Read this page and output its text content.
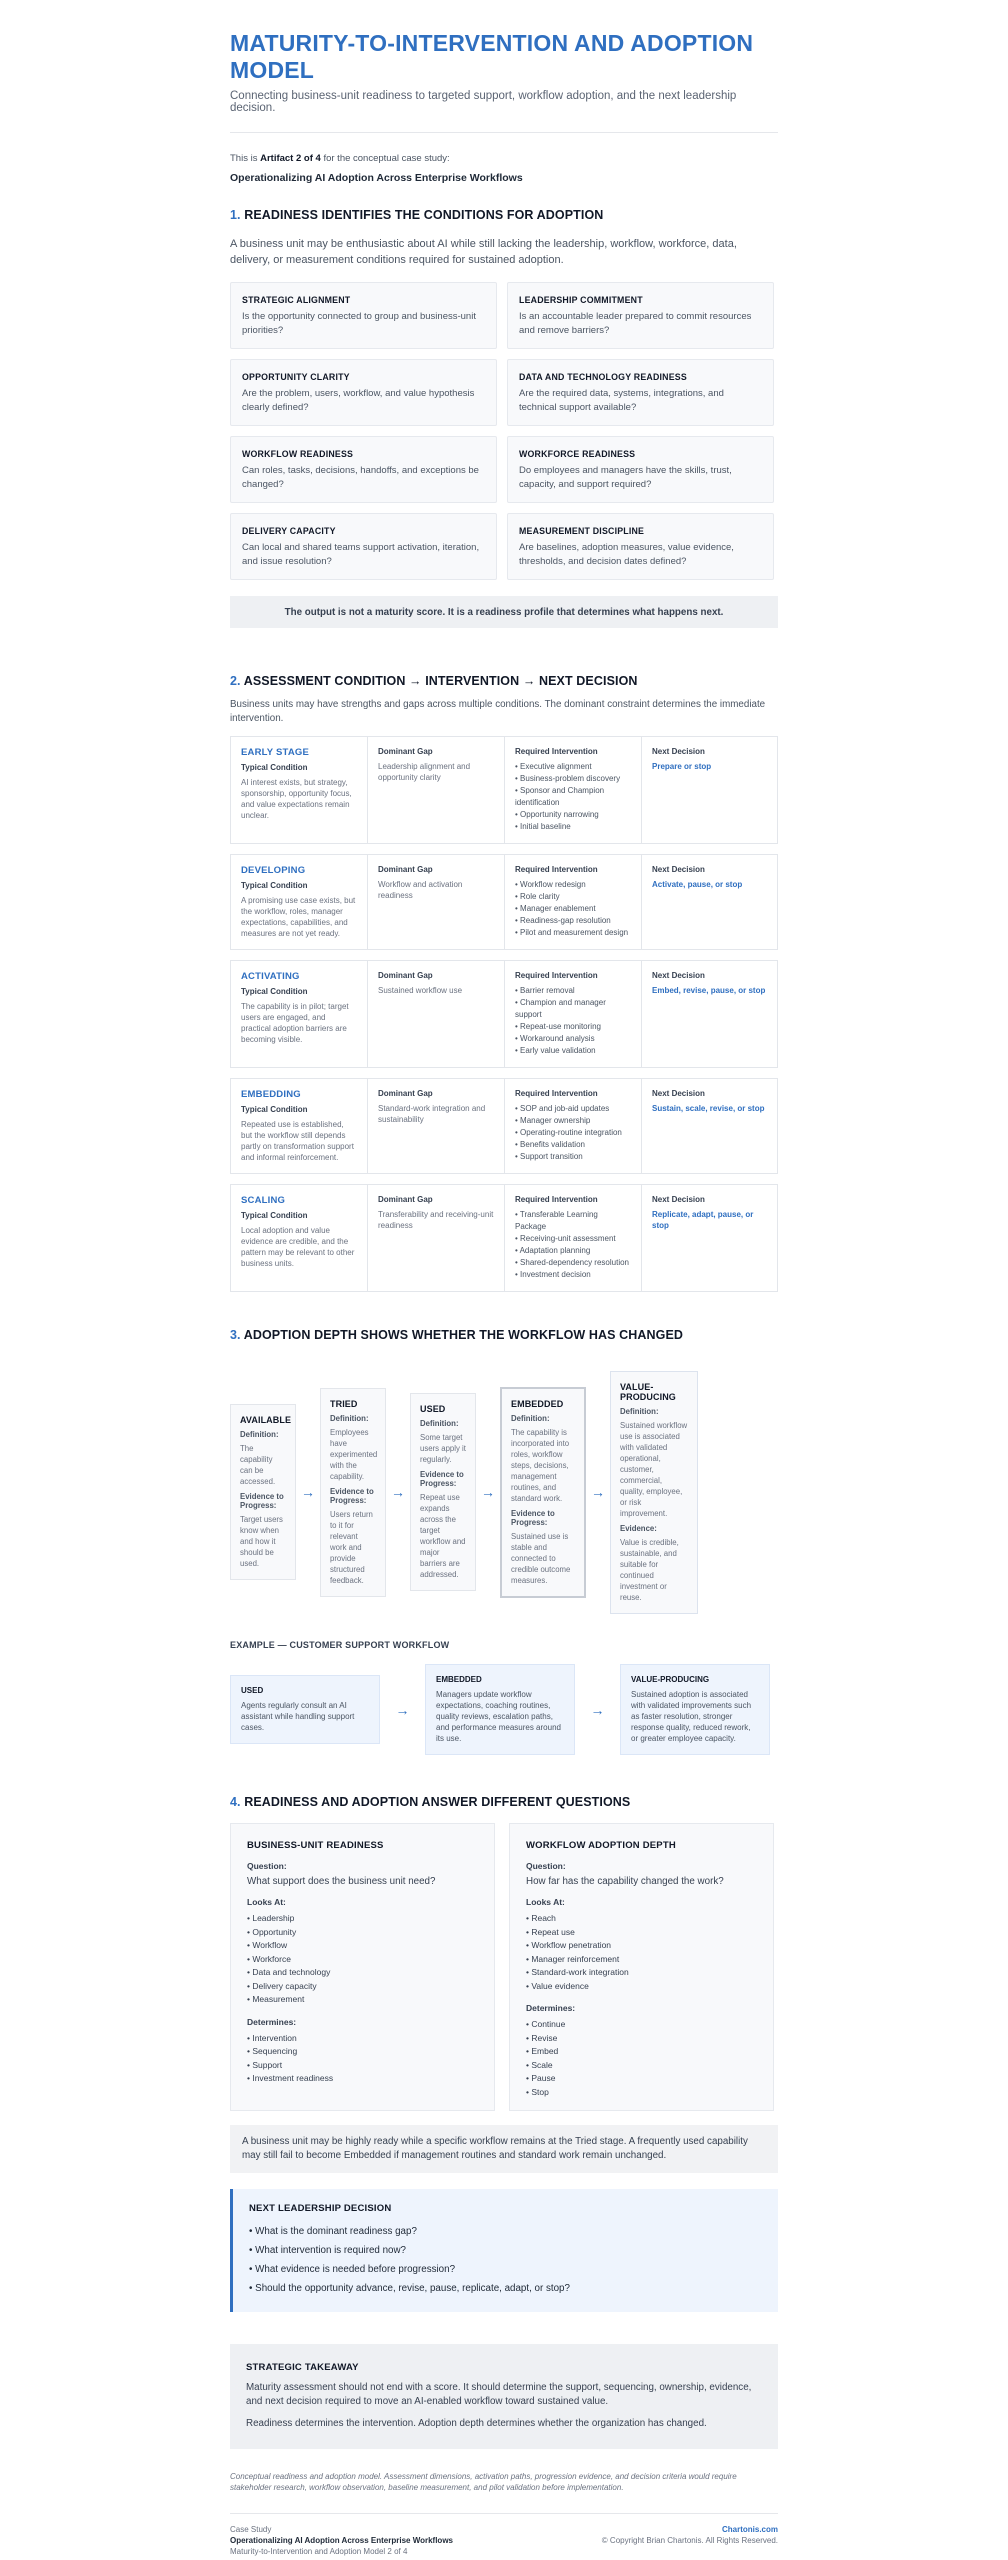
MATURITY-TO-INTERVENTION AND ADOPTION MODEL
Connecting business-unit readiness to targeted support, workflow adoption, and the next leadership decision.
This is Artifact 2 of 4 for the conceptual case study:
Operationalizing AI Adoption Across Enterprise Workflows
1. READINESS IDENTIFIES THE CONDITIONS FOR ADOPTION
A business unit may be enthusiastic about AI while still lacking the leadership, workflow, workforce, data, delivery, or measurement conditions required for sustained adoption.
STRATEGIC ALIGNMENT
Is the opportunity connected to group and business-unit priorities?
LEADERSHIP COMMITMENT
Is an accountable leader prepared to commit resources and remove barriers?
OPPORTUNITY CLARITY
Are the problem, users, workflow, and value hypothesis clearly defined?
DATA AND TECHNOLOGY READINESS
Are the required data, systems, integrations, and technical support available?
WORKFLOW READINESS
Can roles, tasks, decisions, handoffs, and exceptions be changed?
WORKFORCE READINESS
Do employees and managers have the skills, trust, capacity, and support required?
DELIVERY CAPACITY
Can local and shared teams support activation, iteration, and issue resolution?
MEASUREMENT DISCIPLINE
Are baselines, adoption measures, value evidence, thresholds, and decision dates defined?
The output is not a maturity score. It is a readiness profile that determines what happens next.
2. ASSESSMENT CONDITION → INTERVENTION → NEXT DECISION
Business units may have strengths and gaps across multiple conditions. The dominant constraint determines the immediate intervention.
EARLY STAGE
Typical Condition
AI interest exists, but strategy, sponsorship, opportunity focus, and value expectations remain unclear.
Dominant Gap
Leadership alignment and opportunity clarity
Required Intervention
• Executive alignment
• Business-problem discovery
• Sponsor and Champion identification
• Opportunity narrowing
• Initial baseline
Next Decision
Prepare or stop
DEVELOPING
Typical Condition
A promising use case exists, but the workflow, roles, manager expectations, capabilities, and measures are not yet ready.
Dominant Gap
Workflow and activation readiness
Required Intervention
• Workflow redesign
• Role clarity
• Manager enablement
• Readiness-gap resolution
• Pilot and measurement design
Next Decision
Activate, pause, or stop
ACTIVATING
Typical Condition
The capability is in pilot; target users are engaged, and practical adoption barriers are becoming visible.
Dominant Gap
Sustained workflow use
Required Intervention
• Barrier removal
• Champion and manager support
• Repeat-use monitoring
• Workaround analysis
• Early value validation
Next Decision
Embed, revise, pause, or stop
EMBEDDING
Typical Condition
Repeated use is established, but the workflow still depends partly on transformation support and informal reinforcement.
Dominant Gap
Standard-work integration and sustainability
Required Intervention
• SOP and job-aid updates
• Manager ownership
• Operating-routine integration
• Benefits validation
• Support transition
Next Decision
Sustain, scale, revise, or stop
SCALING
Typical Condition
Local adoption and value evidence are credible, and the pattern may be relevant to other business units.
Dominant Gap
Transferability and receiving-unit readiness
Required Intervention
• Transferable Learning Package
• Receiving-unit assessment
• Adaptation planning
• Shared-dependency resolution
• Investment decision
Next Decision
Replicate, adapt, pause, or stop
3. ADOPTION DEPTH SHOWS WHETHER THE WORKFLOW HAS CHANGED
AVAILABLE
Definition:
The capability can be accessed.
Evidence to Progress:
Target users know when and how it should be used.
→
TRIED
Definition:
Employees have experimented with the capability.
Evidence to Progress:
Users return to it for relevant work and provide structured feedback.
→
USED
Definition:
Some target users apply it regularly.
Evidence to Progress:
Repeat use expands across the target workflow and major barriers are addressed.
→
EMBEDDED
Definition:
The capability is incorporated into roles, workflow steps, decisions, management routines, and standard work.
Evidence to Progress:
Sustained use is stable and connected to credible outcome measures.
→
VALUE-PRODUCING
Definition:
Sustained workflow use is associated with validated operational, customer, commercial, quality, employee, or risk improvement.
Evidence:
Value is credible, sustainable, and suitable for continued investment or reuse.
EXAMPLE — CUSTOMER SUPPORT WORKFLOW
USED
Agents regularly consult an AI assistant while handling support cases.
→
EMBEDDED
Managers update workflow expectations, coaching routines, quality reviews, escalation paths, and performance measures around its use.
→
VALUE-PRODUCING
Sustained adoption is associated with validated improvements such as faster resolution, stronger response quality, reduced rework, or greater employee capacity.
4. READINESS AND ADOPTION ANSWER DIFFERENT QUESTIONS
BUSINESS-UNIT READINESS
Question:
What support does the business unit need?
Looks At:
• Leadership
• Opportunity
• Workflow
• Workforce
• Data and technology
• Delivery capacity
• Measurement
Determines:
• Intervention
• Sequencing
• Support
• Investment readiness
WORKFLOW ADOPTION DEPTH
Question:
How far has the capability changed the work?
Looks At:
• Reach
• Repeat use
• Workflow penetration
• Manager reinforcement
• Standard-work integration
• Value evidence
Determines:
• Continue
• Revise
• Embed
• Scale
• Pause
• Stop
A business unit may be highly ready while a specific workflow remains at the Tried stage. A frequently used capability may still fail to become Embedded if management routines and standard work remain unchanged.
NEXT LEADERSHIP DECISION
• What is the dominant readiness gap?
• What intervention is required now?
• What evidence is needed before progression?
• Should the opportunity advance, revise, pause, replicate, adapt, or stop?
STRATEGIC TAKEAWAY
Maturity assessment should not end with a score. It should determine the support, sequencing, ownership, evidence, and next decision required to move an AI-enabled workflow toward sustained value.
Readiness determines the intervention. Adoption depth determines whether the organization has changed.
Conceptual readiness and adoption model. Assessment dimensions, activation paths, progression evidence, and decision criteria would require stakeholder research, workflow observation, baseline measurement, and pilot validation before implementation.
Case Study
Operationalizing AI Adoption Across Enterprise Workflows
Maturity-to-Intervention and Adoption Model 2 of 4
Chartonis.com
© Copyright Brian Chartonis. All Rights Reserved.
